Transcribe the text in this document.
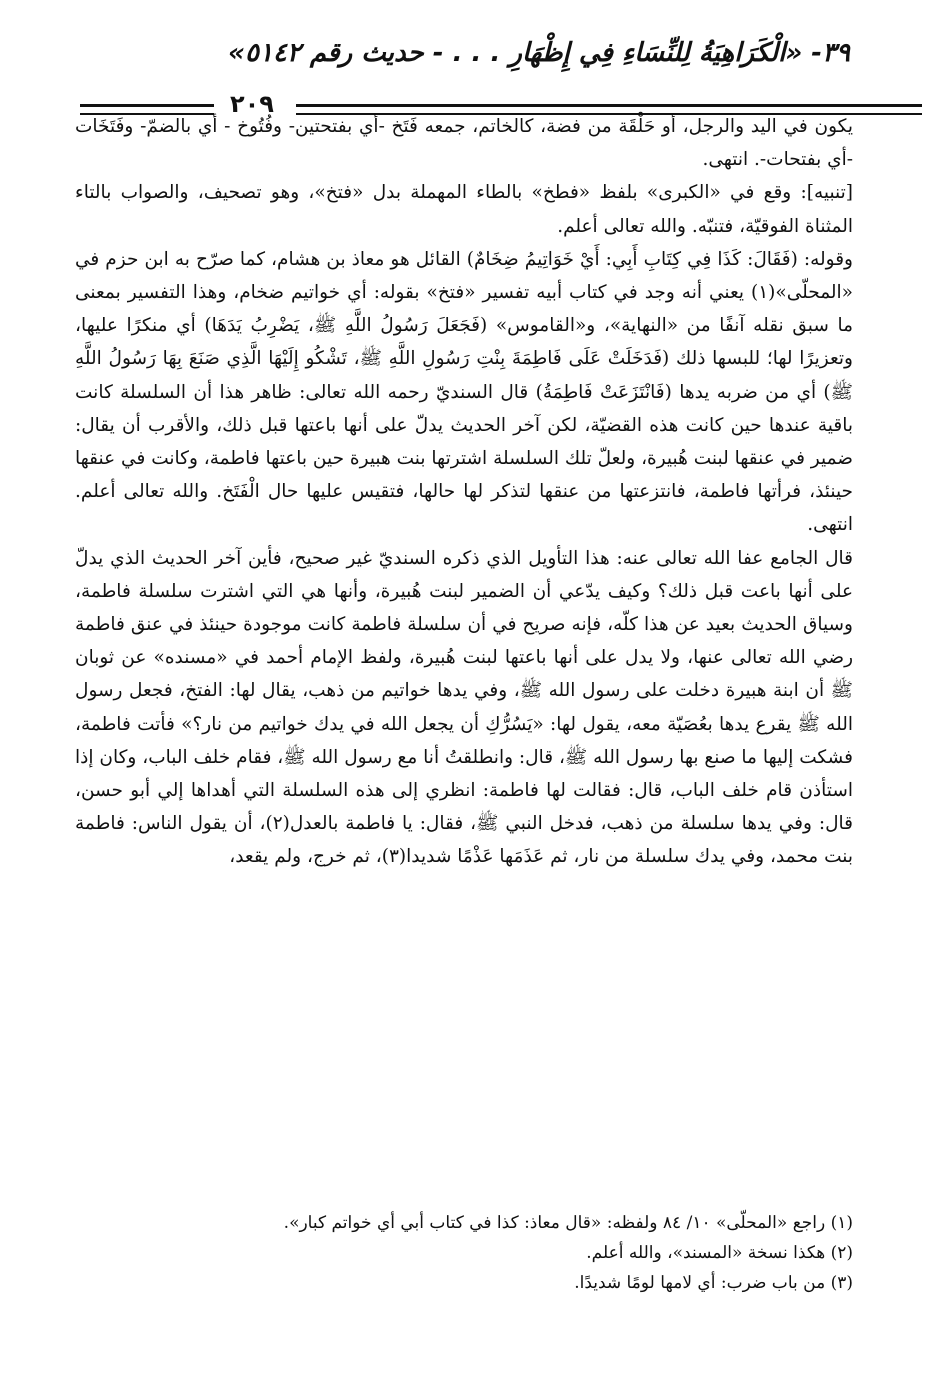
٣٩- «الْكَرَاهِيَةُ لِلنِّسَاءِ فِي إِظْهَارِ . . . - حديث رقم ٥١٤٢»
٢٠٩

يكون في اليد والرجل، أو حَلْقَة من فضة، كالخاتم، جمعه فَتَخ -أي بفتحتين- وفُتُوخ - أي بالضمّ- وفَتَخَات -أي بفتحات-. انتهى.

[تنبيه]: وقع في «الكبرى» بلفظ «فطخ» بالطاء المهملة بدل «فتخ»، وهو تصحيف، والصواب بالتاء المثناة الفوقيّة، فتنبّه. والله تعالى أعلم.

وقوله: (فَقَالَ: كَذَا فِي كِتَابِ أَبِي: أَيْ خَوَاتِيمُ ضِخَامٌ) القائل هو معاذ بن هشام، كما صرّح به ابن حزم في «المحلّى»(١) يعني أنه وجد في كتاب أبيه تفسير «فتخ» بقوله: أي خواتيم ضخام، وهذا التفسير بمعنى ما سبق نقله آنفًا من «النهاية»، و«القاموس» (فَجَعَلَ رَسُولُ اللَّهِ ﷺ، يَضْرِبُ يَدَهَا) أي منكرًا عليها، وتعزيرًا لها؛ للبسها ذلك (فَدَخَلَتْ عَلَى فَاطِمَةَ بِنْتِ رَسُولِ اللَّهِ ﷺ، تَشْكُو إِلَيْهَا الَّذِي صَنَعَ بِهَا رَسُولُ اللَّهِ ﷺ) أي من ضربه يدها (فَانْتَزَعَتْ فَاطِمَةُ) قال السنديّ رحمه الله تعالى: ظاهر هذا أن السلسلة كانت باقية عندها حين كانت هذه القضيّة، لكن آخر الحديث يدلّ على أنها باعتها قبل ذلك، والأقرب أن يقال: ضمير في عنقها لبنت هُبيرة، ولعلّ تلك السلسلة اشترتها بنت هبيرة حين باعتها فاطمة، وكانت في عنقها حينئذ، فرأتها فاطمة، فانتزعتها من عنقها لتذكر لها حالها، فتقيس عليها حال الْفَتَخ. والله تعالى أعلم. انتهى.

قال الجامع عفا الله تعالى عنه: هذا التأويل الذي ذكره السنديّ غير صحيح، فأين آخر الحديث الذي يدلّ على أنها باعت قبل ذلك؟ وكيف يدّعي أن الضمير لبنت هُبيرة، وأنها هي التي اشترت سلسلة فاطمة، وسياق الحديث بعيد عن هذا كلّه، فإنه صريح في أن سلسلة فاطمة كانت موجودة حينئذ في عنق فاطمة رضي الله تعالى عنها، ولا يدل على أنها باعتها لبنت هُبيرة، ولفظ الإمام أحمد في «مسنده» عن ثوبان ﷺ أن ابنة هبيرة دخلت على رسول الله ﷺ، وفي يدها خواتيم من ذهب، يقال لها: الفتخ، فجعل رسول الله ﷺ يقرع يدها بعُصَيّة معه، يقول لها: «يَسُرُّكِ أن يجعل الله في يدك خواتيم من نار؟» فأتت فاطمة، فشكت إليها ما صنع بها رسول الله ﷺ، قال: وانطلقتُ أنا مع رسول الله ﷺ، فقام خلف الباب، وكان إذا استأذن قام خلف الباب، قال: فقالت لها فاطمة: انظري إلى هذه السلسلة التي أهداها إلي أبو حسن، قال: وفي يدها سلسلة من ذهب، فدخل النبي ﷺ، فقال: يا فاطمة بالعدل(٢)، أن يقول الناس: فاطمة بنت محمد، وفي يدك سلسلة من نار، ثم عَذَمَها عَذْمًا شديدا(٣)، ثم خرج، ولم يقعد،

(١) راجع «المحلّى» ١٠/ ٨٤ ولفظه: «قال معاذ: كذا في كتاب أبي أي خواتم كبار».

(٢) هكذا نسخة «المسند»، والله أعلم.

(٣) من باب ضرب: أي لامها لومًا شديدًا.
